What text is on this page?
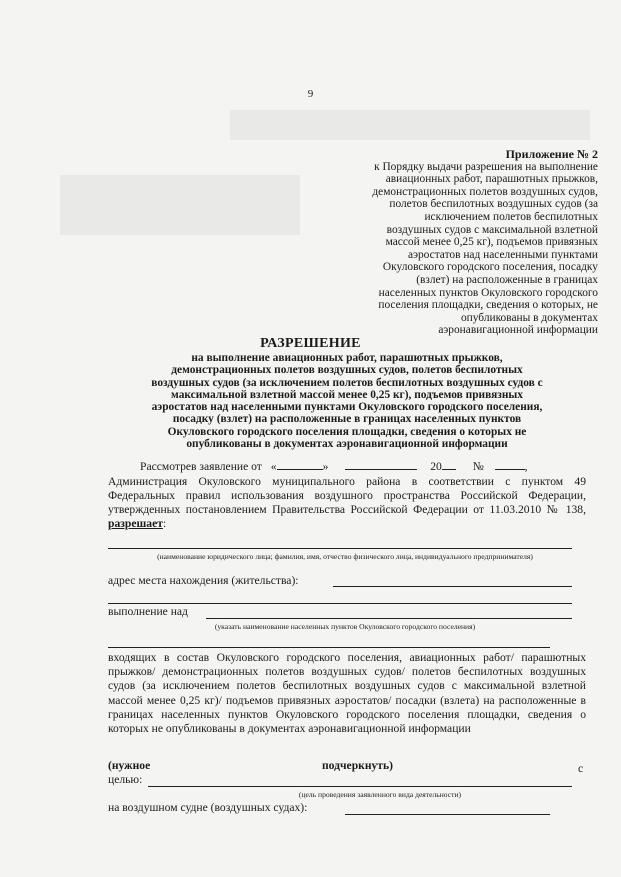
9
Приложение № 2
к Порядку выдачи разрешения на выполнение
авиационных работ, парашютных прыжков,
демонстрационных полетов воздушных судов,
полетов беспилотных воздушных судов (за
исключением полетов беспилотных
воздушных судов с максимальной взлетной
массой менее 0,25 кг), подъемов привязных
аэростатов над населенными пунктами
Окуловского городского поселения, посадку
(взлет) на расположенные в границах
населенных пунктов Окуловского городского
поселения площадки, сведения о которых, не
опубликованы в документах
аэронавигационной информации
РАЗРЕШЕНИЕ
на выполнение авиационных работ, парашютных прыжков,
демонстрационных полетов воздушных судов, полетов беспилотных
воздушных судов (за исключением полетов беспилотных воздушных судов с
максимальной взлетной массой менее 0,25 кг), подъемов привязных
аэростатов над населенными пунктами Окуловского городского поселения,
посадку (взлет) на расположенные в границах населенных пунктов
Окуловского городского поселения площадки, сведения о которых не
опубликованы в документах аэронавигационной информации
Рассмотрев заявление от «	»	20	№	,
Администрация Окуловского муниципального района в соответствии с пунктом 49 Федеральных правил использования воздушного пространства Российской Федерации, утвержденных постановлением Правительства Российской Федерации от 11.03.2010 № 138, разрешает:
(наименование юридического лица; фамилия, имя, отчество физического лица, индивидуального предпринимателя)
адрес места нахождения (жительства):
выполнение над
(указать наименование населенных пунктов Окуловского городского поселения)
входящих в состав Окуловского городского поселения, авиационных работ/ парашютных прыжков/ демонстрационных полетов воздушных судов/ полетов беспилотных воздушных судов (за исключением полетов беспилотных воздушных судов с максимальной взлетной массой менее 0,25 кг)/ подъемов привязных аэростатов/ посадки (взлета) на расположенные в границах населенных пунктов Окуловского городского поселения площадки, сведения о которых не опубликованы в документах аэронавигационной информации
(нужное	подчеркнуть)	с
целью:
(цель проведения заявленного вида деятельности)
на воздушном судне (воздушных судах):
